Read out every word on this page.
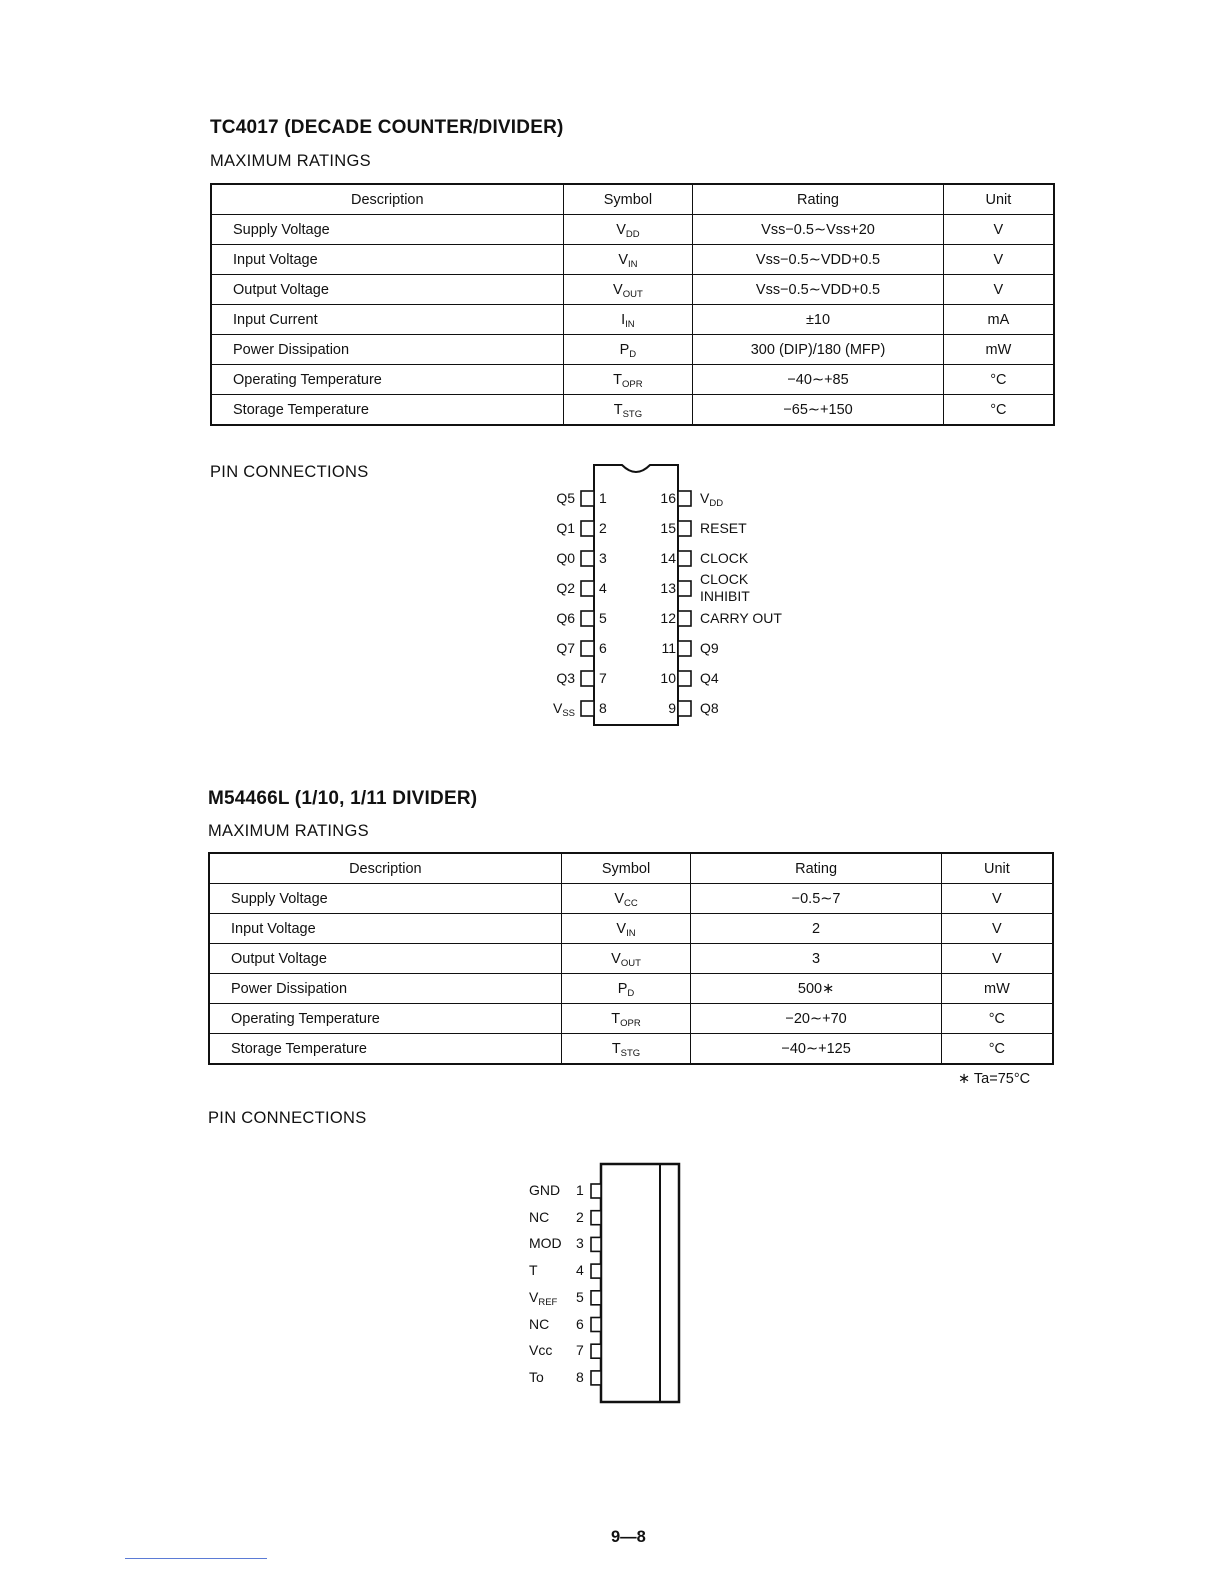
TC4017 (DECADE COUNTER/DIVIDER)
MAXIMUM RATINGS
Description	Symbol	Rating	Unit
Supply Voltage	$V_{DD}$	Vss−0.5∼Vss+20	V
Input Voltage	$V_{IN}$	Vss−0.5∼VDD+0.5	V
Output Voltage	$V_{OUT}$	Vss−0.5∼VDD+0.5	V
Input Current	$I_{IN}$	±10	mA
Power Dissipation	$P_D$	300 (DIP)/180 (MFP)	mW
Operating Temperature	$T_{OPR}$	−40∼+85	°C
Storage Temperature	$T_{STG}$	−65∼+150	°C
PIN CONNECTIONS
Q5 1
Q1 2
Q0 3
Q2 4
Q6 5
Q7 6
Q3 7
$V_{SS}$ 8
16 $V_{DD}$
15 RESET
14 CLOCK
13
CLOCK
INHIBIT
12 CARRY OUT
11 Q9
10 Q4
9 Q8
M54466L (1/10, 1/11 DIVIDER)
MAXIMUM RATINGS
Description	Symbol	Rating	Unit
Supply Voltage	$V_{CC}$	−0.5∼7	V
Input Voltage	$V_{IN}$	2	V
Output Voltage	$V_{OUT}$	3	V
Power Dissipation	$P_D$	500∗	mW
Operating Temperature	$T_{OPR}$	−20∼+70	°C
Storage Temperature	$T_{STG}$	−40∼+125	°C
∗ Ta=75°C
PIN CONNECTIONS
GND 1
NC 2
MOD 3
T	4
$V_{REF}$ 5
NC 6
Vcc 7
To 8
9—8
